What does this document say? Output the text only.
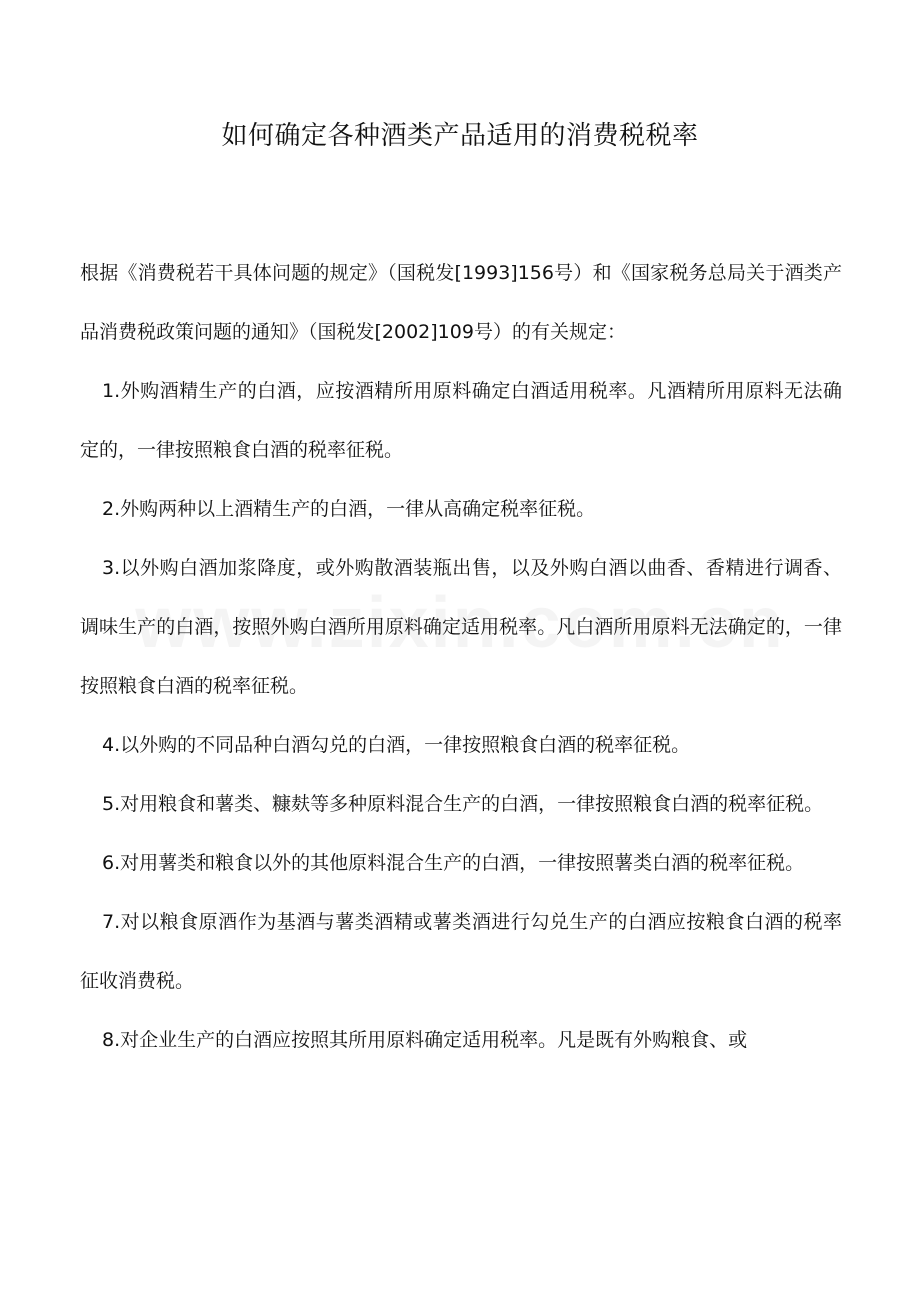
如何确定各种酒类产品适用的消费税税率

根据《消费税若干具体问题的规定》（国税发[1993]156号）和《国家税务总局关于酒类产品消费税政策问题的通知》（国税发[2002]109号）的有关规定：

1.外购酒精生产的白酒，应按酒精所用原料确定白酒适用税率。凡酒精所用原料无法确定的，一律按照粮食白酒的税率征税。

2.外购两种以上酒精生产的白酒，一律从高确定税率征税。

3.以外购白酒加浆降度，或外购散酒装瓶出售，以及外购白酒以曲香、香精进行调香、调味生产的白酒，按照外购白酒所用原料确定适用税率。凡白酒所用原料无法确定的，一律按照粮食白酒的税率征税。

4.以外购的不同品种白酒勾兑的白酒，一律按照粮食白酒的税率征税。

5.对用粮食和薯类、糠麸等多种原料混合生产的白酒，一律按照粮食白酒的税率征税。

6.对用薯类和粮食以外的其他原料混合生产的白酒，一律按照薯类白酒的税率征税。

7.对以粮食原酒作为基酒与薯类酒精或薯类酒进行勾兑生产的白酒应按粮食白酒的税率征收消费税。

8.对企业生产的白酒应按照其所用原料确定适用税率。凡是既有外购粮食、或
